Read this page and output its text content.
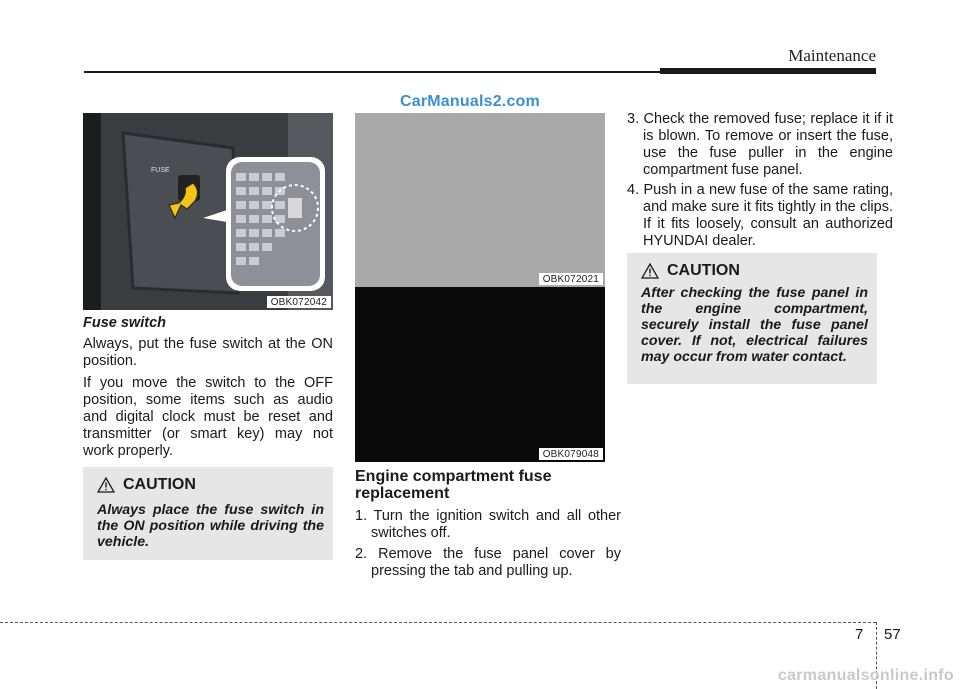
Maintenance
CarManuals2.com
FUSE
OBK072042
Fuse switch
Always, put the fuse switch at the ON position.
If you move the switch to the OFF position, some items such as audio and digital clock must be reset and transmitter (or smart key) may not work properly.
CAUTION
Always place the fuse switch in the ON position while driving the vehicle.
OBK072021
OBK079048
Engine compartment fuse replacement
1. Turn the ignition switch and all other switches off.
2. Remove the fuse panel cover by pressing the tab and pulling up.
3. Check the removed fuse; replace it if it is blown. To remove or insert the fuse, use the fuse puller in the engine compartment fuse panel.
4. Push in a new fuse of the same rating, and make sure it fits tightly in the clips. If it fits loosely, consult an authorized HYUNDAI dealer.
CAUTION
After checking the fuse panel in the engine compartment, securely install the fuse panel cover. If not, electrical failures may occur from water contact.
7 57
carmanualsonline.info
